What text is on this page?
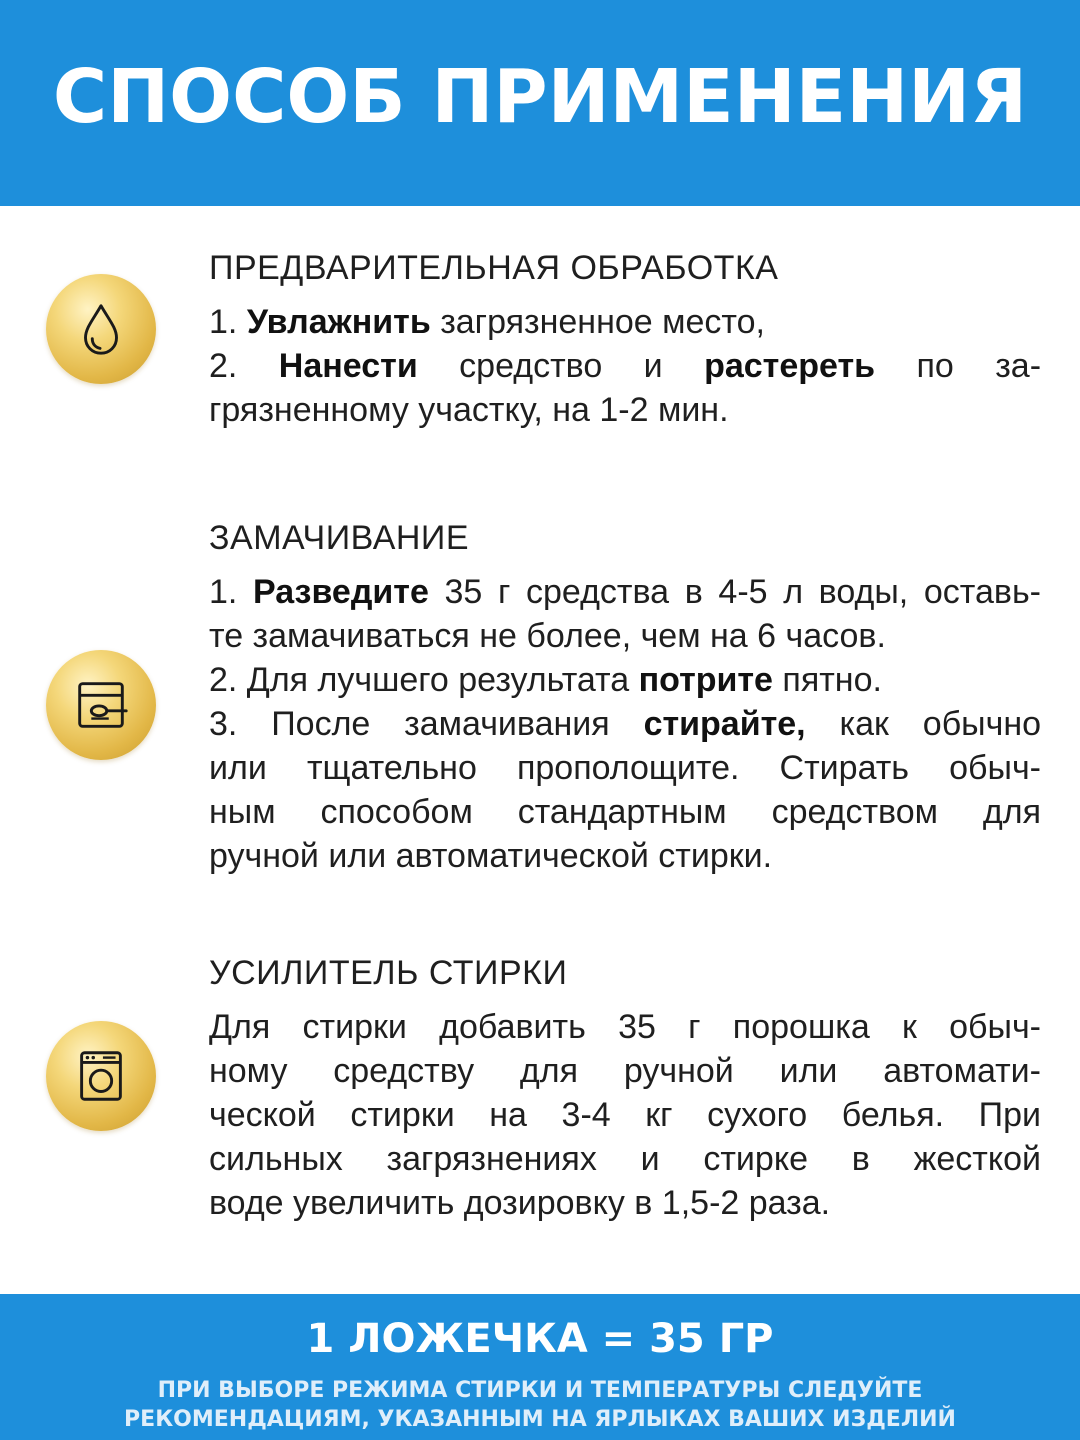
СПОСОБ ПРИМЕНЕНИЯ
ПРЕДВАРИТЕЛЬНАЯ ОБРАБОТКА
1. Увлажнить загрязненное место,
2. Нанести средство и растереть по за-
грязненному участку, на 1-2 мин.
ЗАМАЧИВАНИЕ
1. Разведите 35 г средства в 4-5 л воды, оставь-
те замачиваться не более, чем на 6 часов.
2. Для лучшего результата потрите пятно.
3. После замачивания стирайте, как обычно
или тщательно прополощите. Стирать обыч-
ным способом стандартным средством для
ручной или автоматической стирки.
УСИЛИТЕЛЬ СТИРКИ
Для стирки добавить 35 г порошка к обыч-
ному средству для ручной или автомати-
ческой стирки на 3-4 кг сухого белья. При
сильных загрязнениях и стирке в жесткой
воде увеличить дозировку в 1,5-2 раза.
1 ЛОЖЕЧКА = 35 ГР
ПРИ ВЫБОРЕ РЕЖИМА СТИРКИ И ТЕМПЕРАТУРЫ СЛЕДУЙТЕ
РЕКОМЕНДАЦИЯМ, УКАЗАННЫМ НА ЯРЛЫКАХ ВАШИХ ИЗДЕЛИЙ
